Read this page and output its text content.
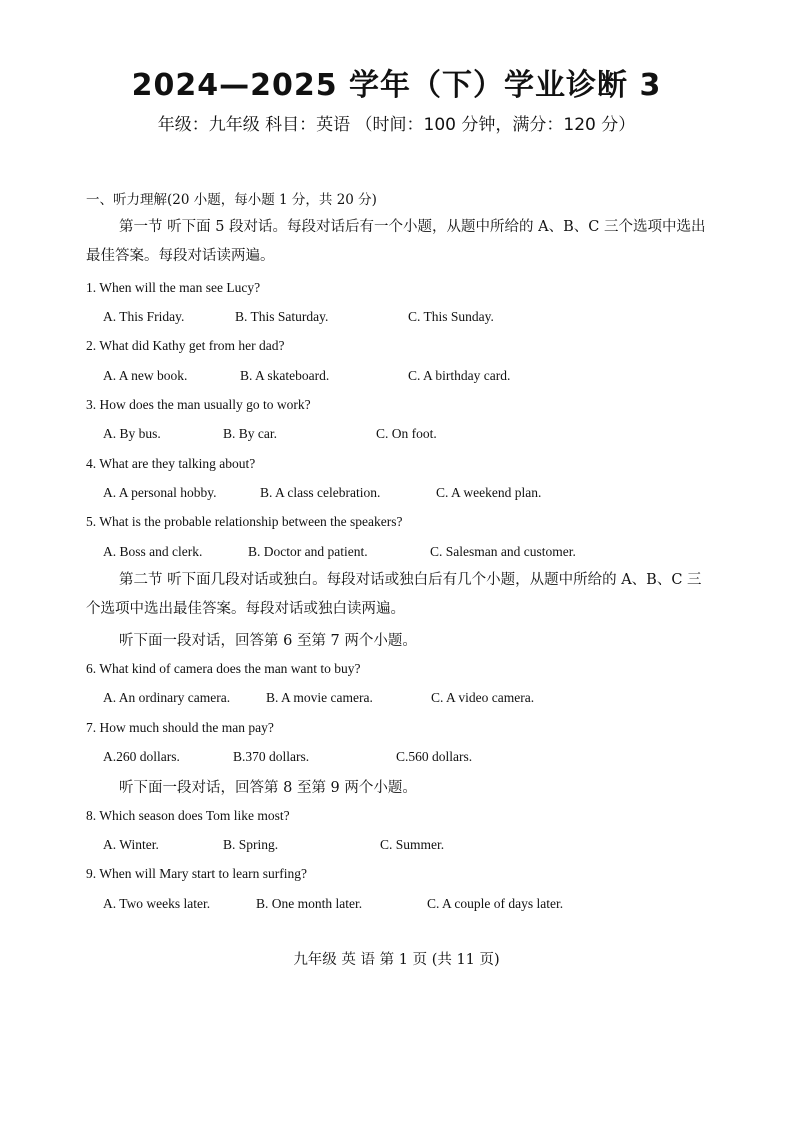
2024—2025 学年（下）学业诊断 3
年级：九年级 科目：英语 （时间：100 分钟，满分：120 分）
一、听力理解(20 小题，每小题 1 分，共 20 分)
第一节 听下面 5 段对话。每段对话后有一个小题，从题中所给的 A、B、C 三个选项中选出最佳答案。每段对话读两遍。
1. When will the man see Lucy?
A. This Friday.	B. This Saturday.	C. This Sunday.
2. What did Kathy get from her dad?
A. A new book.	B. A skateboard.	C. A birthday card.
3. How does the man usually go to work?
A. By bus.	B. By car.	C. On foot.
4. What are they talking about?
A. A personal hobby.	B. A class celebration.	C. A weekend plan.
5. What is the probable relationship between the speakers?
A. Boss and clerk.	B. Doctor and patient.	C. Salesman and customer.
第二节 听下面几段对话或独白。每段对话或独白后有几个小题，从题中所给的 A、B、C 三个选项中选出最佳答案。每段对话或独白读两遍。
听下面一段对话，回答第 6 至第 7 两个小题。
6. What kind of camera does the man want to buy?
A. An ordinary camera.	B. A movie camera.	C. A video camera.
7. How much should the man pay?
A.260 dollars.	B.370 dollars.	C.560 dollars.
听下面一段对话，回答第 8 至第 9 两个小题。
8. Which season does Tom like most?
A. Winter.	B. Spring.	C. Summer.
9. When will Mary start to learn surfing?
A. Two weeks later.	B. One month later.	C. A couple of days later.
九年级 英 语 第 1 页 (共 11 页)
